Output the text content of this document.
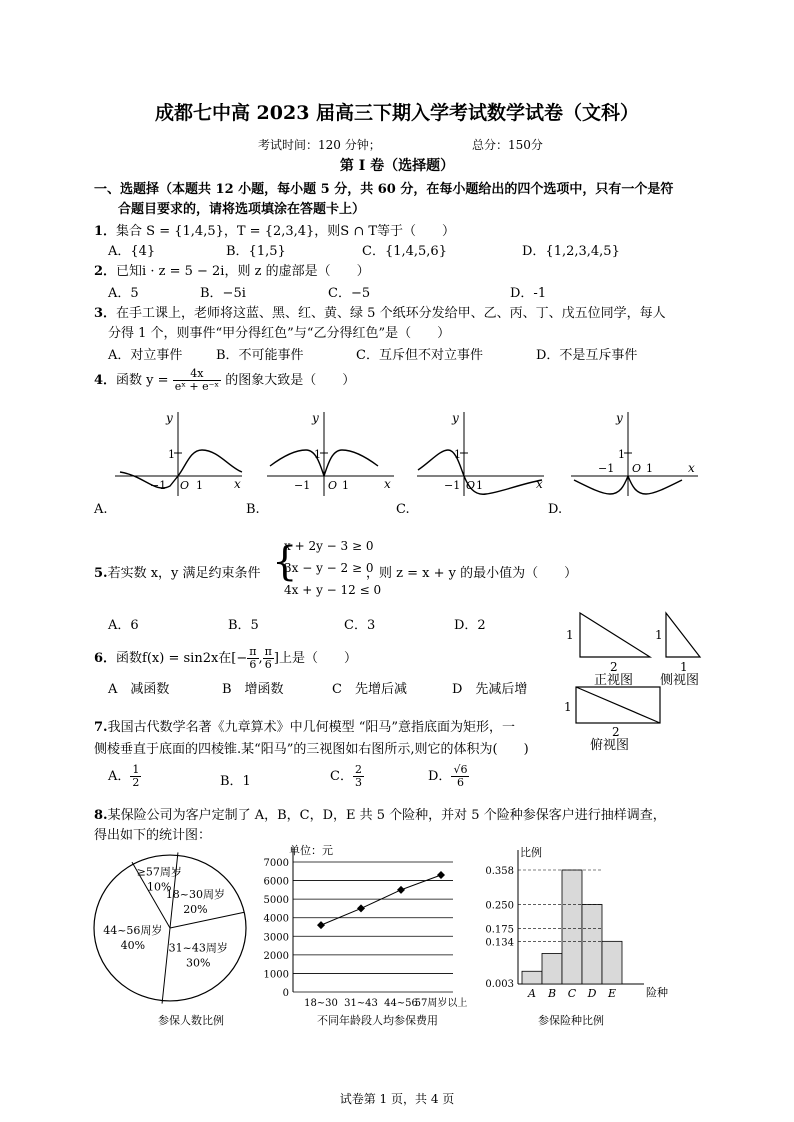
成都七中高 2023 届高三下期入学考试数学试卷（文科）
考试时间：120 分钟；	总分：150分
第 I 卷（选择题）
一、选题择（本题共 12 小题，每小题 5 分，共 60 分，在每小题给出的四个选项中，只有一个是符
合题目要求的，请将选项填涂在答题卡上）
1．集合 S = {1,4,5}，T = {2,3,4}，则S ∩ T等于（　　）
A．{4}	B．{1,5}	C．{1,4,5,6}	D．{1,2,3,4,5}
2．已知i · z = 5 − 2i，则 z 的虚部是（　　）
A．5	B．−5i	C．−5	D．-1
3．在手工课上，老师将这蓝、黑、红、黄、绿 5 个纸环分发给甲、乙、丙、丁、戊五位同学，每人
分得 1 个，则事件“甲分得红色”与“乙分得红色”是（　　）
A．对立事件	B．不可能事件	C．互斥但不对立事件	D．不是互斥事件
4．函数 $y = \frac{4x}{\text{eˣ + e⁻ˣ}}$ 的图象大致是（　　）
1
−1 O 1	x
y
1
−1 O 1	x
y
1
−1 O 1	x
y
1
−1 O 1	x
y
A.	B.	C.	D.
5.若实数 x，y 满足约束条件 {
x + 2y − 3 ≥ 0
3x − y − 2 ≥ 0
4x + y − 12 ≤ 0
，则 z = x + y 的最小值为（　　）
A．6	B．5	C．3	D．2
6．函数f(x) = sin2x在[− $\frac{\pi}{6}$ , $\frac{\pi}{6}$ ]上是（　　）
A　减函数	B　增函数	C　先增后减	D　先减后增
1
2
正视图
1
1
侧视图
1
2
俯视图
7.我国古代数学名著《九章算术》中几何模型 “阳马”意指底面为矩形，一
侧棱垂直于底面的四棱锥.某“阳马”的三视图如右图所示,则它的体积为(　　)
A． $\frac{1}{2}$	B．1	C． $\frac{2}{3}$	D． $\frac{√6}{6}$
8.某保险公司为客户定制了 A，B，C，D，E 共 5 个险种，并对 5 个险种参保客户进行抽样调查，
得出如下的统计图：
≥57周岁
10%
18~30周岁
20%
31~43周岁
30%
44~56周岁
40%
参保人数比例
0
1000
2000
3000
4000
5000
6000
7000
单位：元
18~30 31~43 44~56
57周岁以上
不同年龄段人均参保费用
比例
险种
0.358
0.250
0.175
0.134
0.003
A B C D E
参保险种比例
试卷第 1 页，共 4 页
